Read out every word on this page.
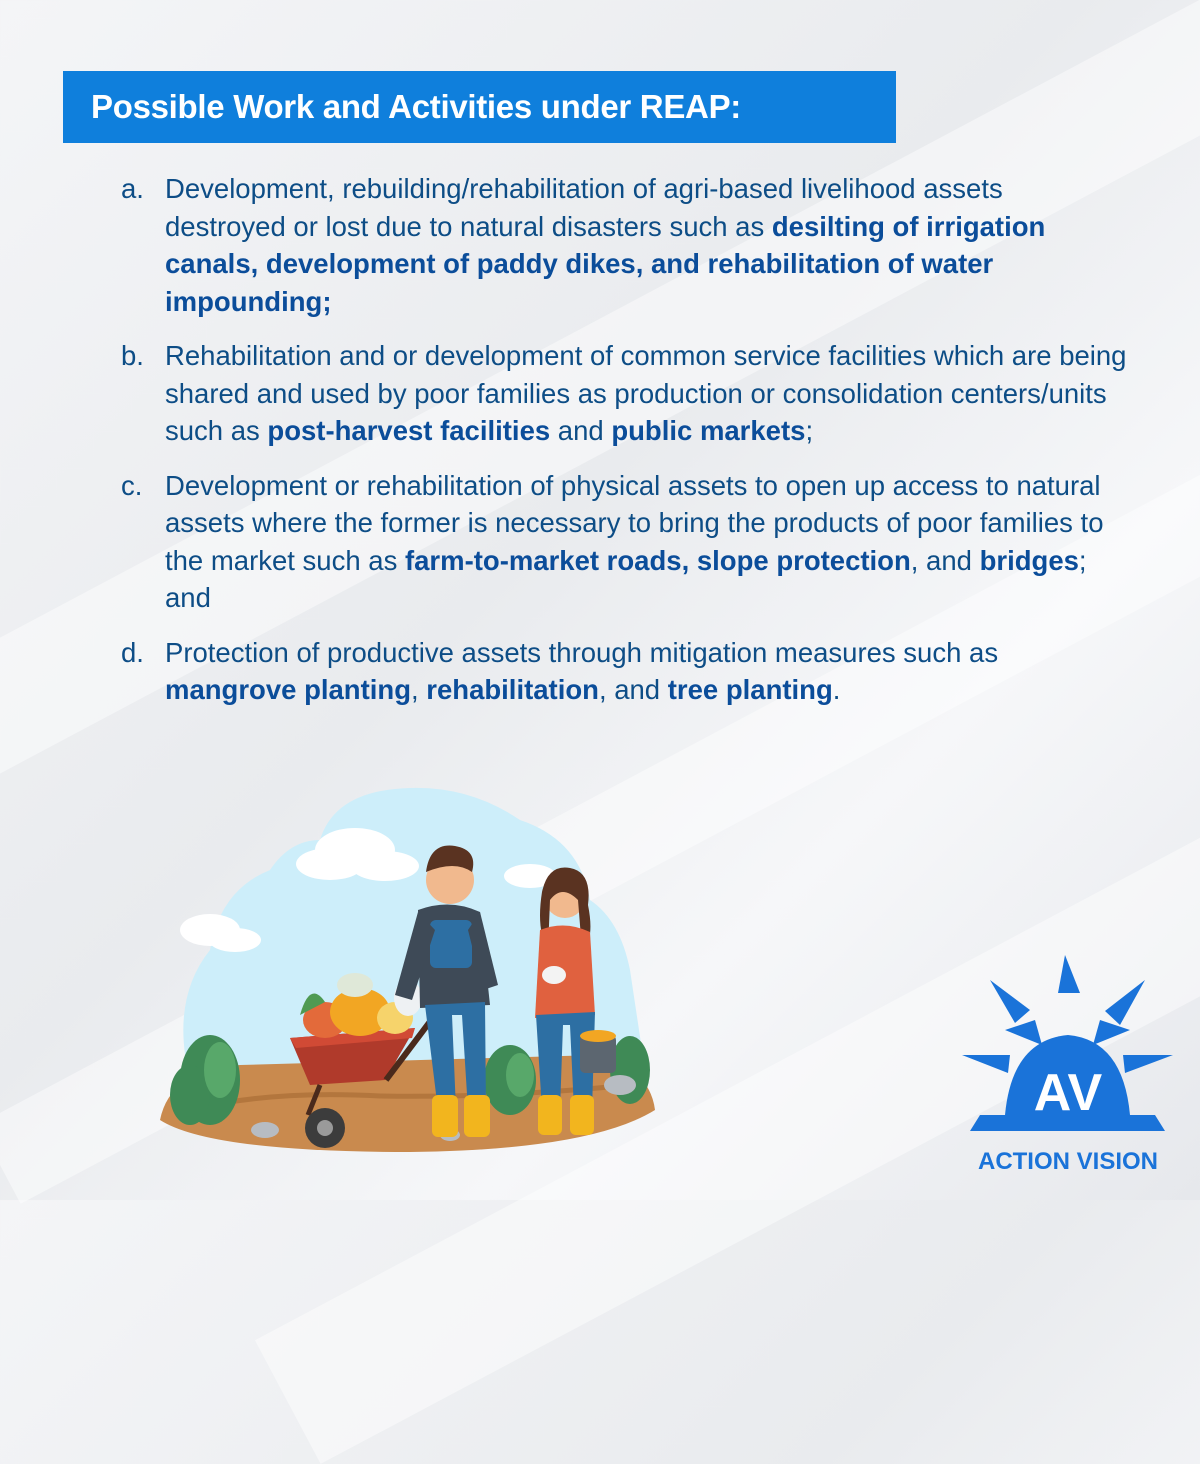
Possible Work and Activities under REAP:
a. Development, rebuilding/rehabilitation of agri-based livelihood assets destroyed or lost due to natural disasters such as desilting of irrigation canals, development of paddy dikes, and rehabilitation of water impounding;
b. Rehabilitation and or development of common service facilities which are being shared and used by poor families as production or consolidation centers/units such as post-harvest facilities and public markets;
c. Development or rehabilitation of physical assets to open up access to natural assets where the former is necessary to bring the products of poor families to the market such as farm-to-market roads, slope protection, and bridges; and
d. Protection of productive assets through mitigation measures such as mangrove planting, rehabilitation, and tree planting.
AV
ACTION VISION
